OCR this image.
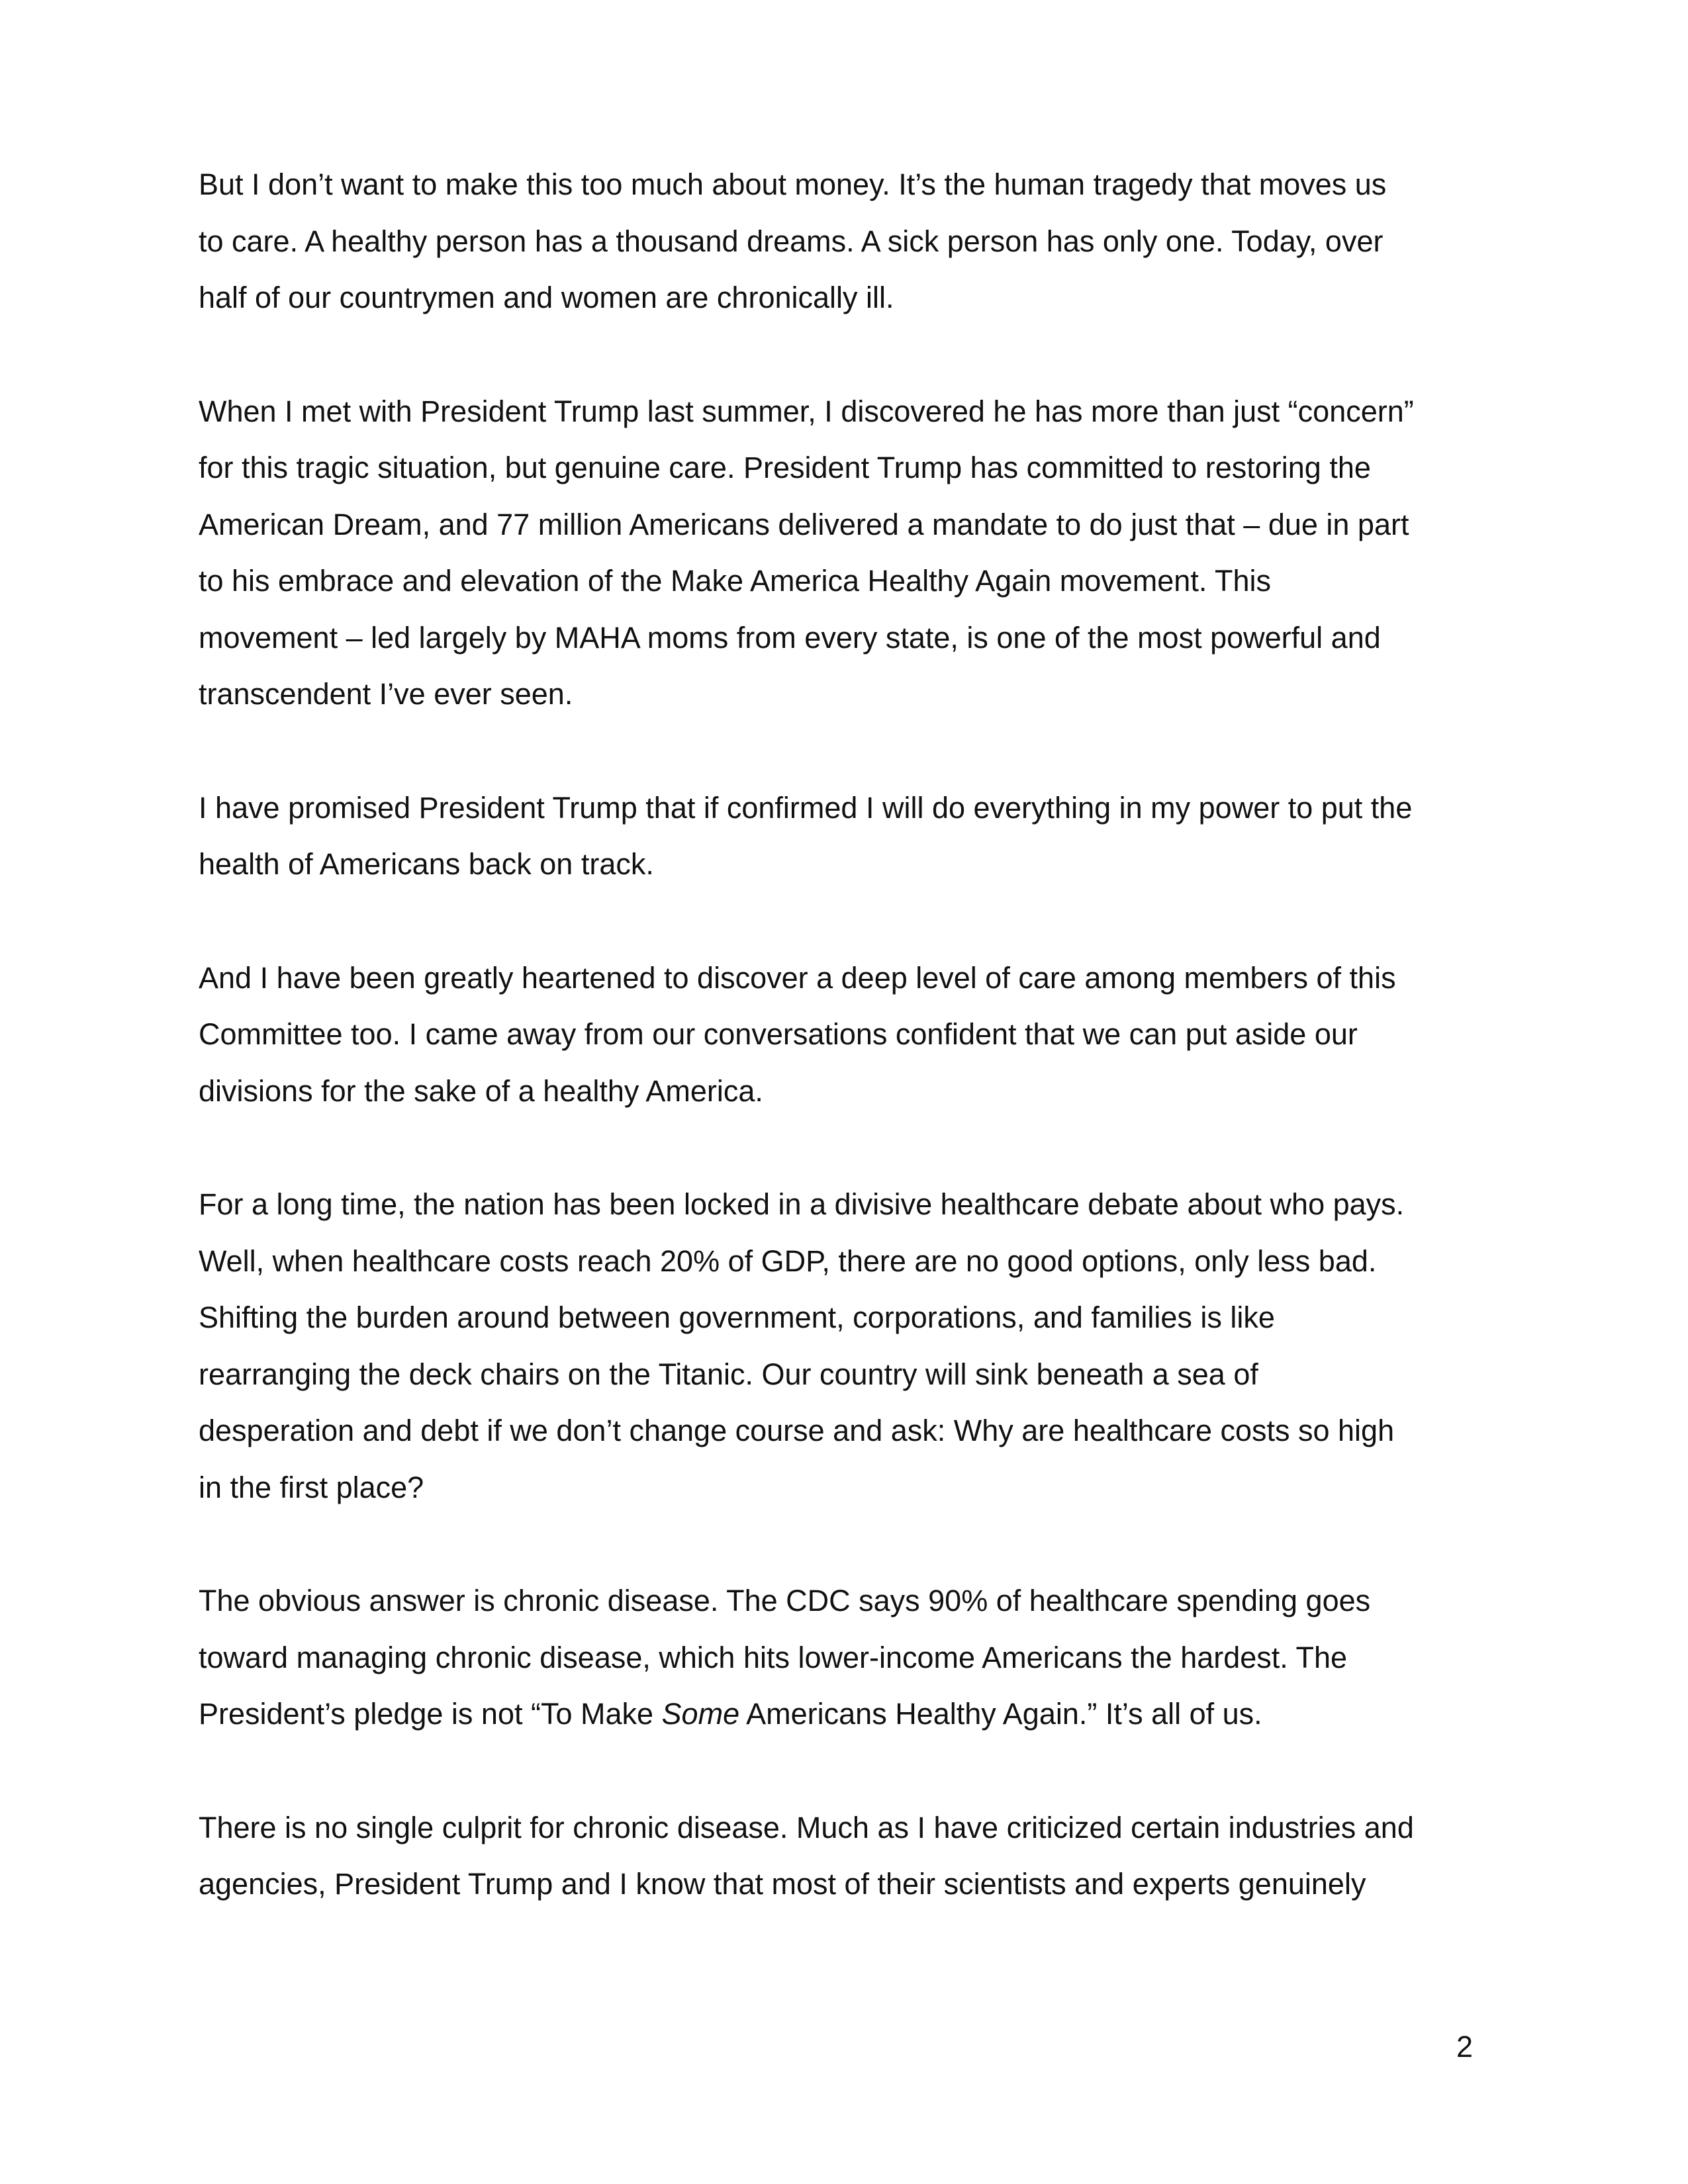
But I don’t want to make this too much about money. It’s the human tragedy that moves us
to care. A healthy person has a thousand dreams. A sick person has only one. Today, over
half of our countrymen and women are chronically ill.

When I met with President Trump last summer, I discovered he has more than just “concern”
for this tragic situation, but genuine care. President Trump has committed to restoring the
American Dream, and 77 million Americans delivered a mandate to do just that – due in part
to his embrace and elevation of the Make America Healthy Again movement. This
movement – led largely by MAHA moms from every state, is one of the most powerful and
transcendent I’ve ever seen.

I have promised President Trump that if confirmed I will do everything in my power to put the
health of Americans back on track.

And I have been greatly heartened to discover a deep level of care among members of this
Committee too. I came away from our conversations confident that we can put aside our
divisions for the sake of a healthy America.

For a long time, the nation has been locked in a divisive healthcare debate about who pays.
Well, when healthcare costs reach 20% of GDP, there are no good options, only less bad.
Shifting the burden around between government, corporations, and families is like
rearranging the deck chairs on the Titanic. Our country will sink beneath a sea of
desperation and debt if we don’t change course and ask: Why are healthcare costs so high
in the first place?

The obvious answer is chronic disease. The CDC says 90% of healthcare spending goes
toward managing chronic disease, which hits lower-income Americans the hardest. The
President’s pledge is not “To Make Some Americans Healthy Again.” It’s all of us.

There is no single culprit for chronic disease. Much as I have criticized certain industries and
agencies, President Trump and I know that most of their scientists and experts genuinely

2
